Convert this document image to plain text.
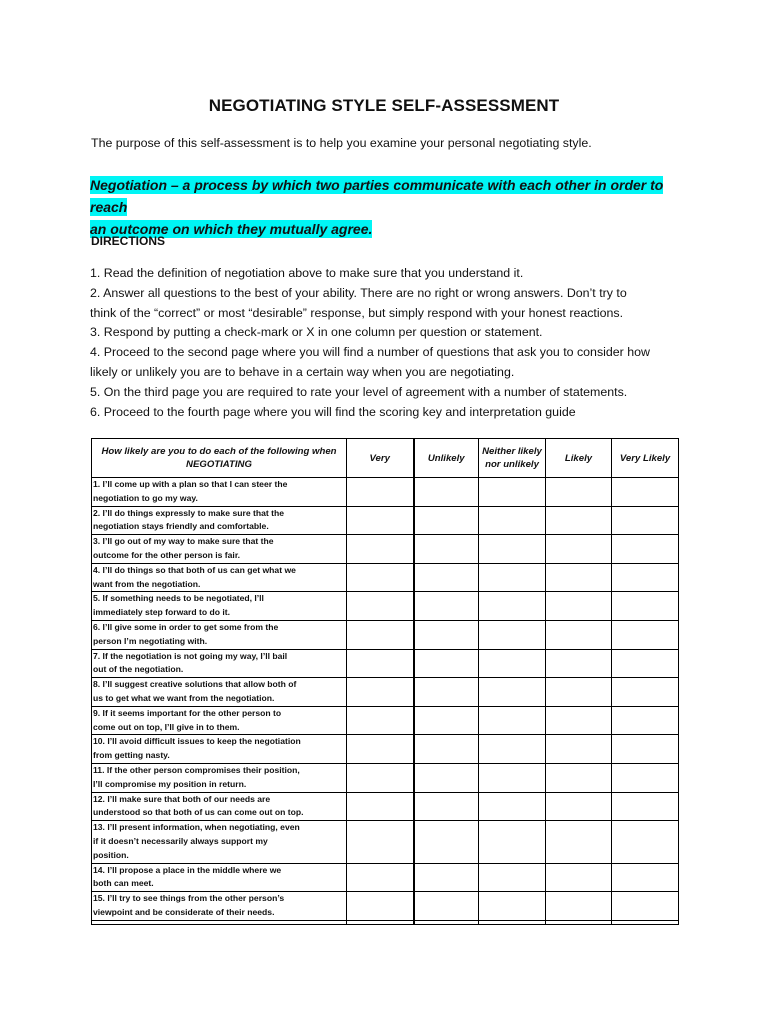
NEGOTIATING STYLE SELF-ASSESSMENT
The purpose of this self-assessment is to help you examine your personal negotiating style.
Negotiation – a process by which two parties communicate with each other in order to reach
an outcome on which they mutually agree.
DIRECTIONS
1. Read the definition of negotiation above to make sure that you understand it.
2. Answer all questions to the best of your ability. There are no right or wrong answers. Don’t try to
think of the “correct” or most “desirable” response, but simply respond with your honest reactions.
3. Respond by putting a check-mark or X in one column per question or statement.
4. Proceed to the second page where you will find a number of questions that ask you to consider how
likely or unlikely you are to behave in a certain way when you are negotiating.
5. On the third page you are required to rate your level of agreement with a number of statements.
6. Proceed to the fourth page where you will find the scoring key and interpretation guide
How likely are you to do each of the following when
NEGOTIATING	Very	Unlikely	Neither likely
nor unlikely	Likely	Very Likely
1. I’ll come up with a plan so that I can steer the
negotiation to go my way.					
2. I’ll do things expressly to make sure that the
negotiation stays friendly and comfortable.					
3. I’ll go out of my way to make sure that the
outcome for the other person is fair.					
4. I’ll do things so that both of us can get what we
want from the negotiation.					
5. If something needs to be negotiated, I’ll
immediately step forward to do it.					
6. I’ll give some in order to get some from the
person I’m negotiating with.					
7. If the negotiation is not going my way, I’ll bail
out of the negotiation.					
8. I’ll suggest creative solutions that allow both of
us to get what we want from the negotiation.					
9. If it seems important for the other person to
come out on top, I’ll give in to them.					
10. I’ll avoid difficult issues to keep the negotiation
from getting nasty.					
11. If the other person compromises their position,
I’ll compromise my position in return.					
12. I’ll make sure that both of our needs are
understood so that both of us can come out on top.					
13. I’ll present information, when negotiating, even
if it doesn’t necessarily always support my
position.					
14. I’ll propose a place in the middle where we
both can meet.					
15. I’ll try to see things from the other person’s
viewpoint and be considerate of their needs.					
